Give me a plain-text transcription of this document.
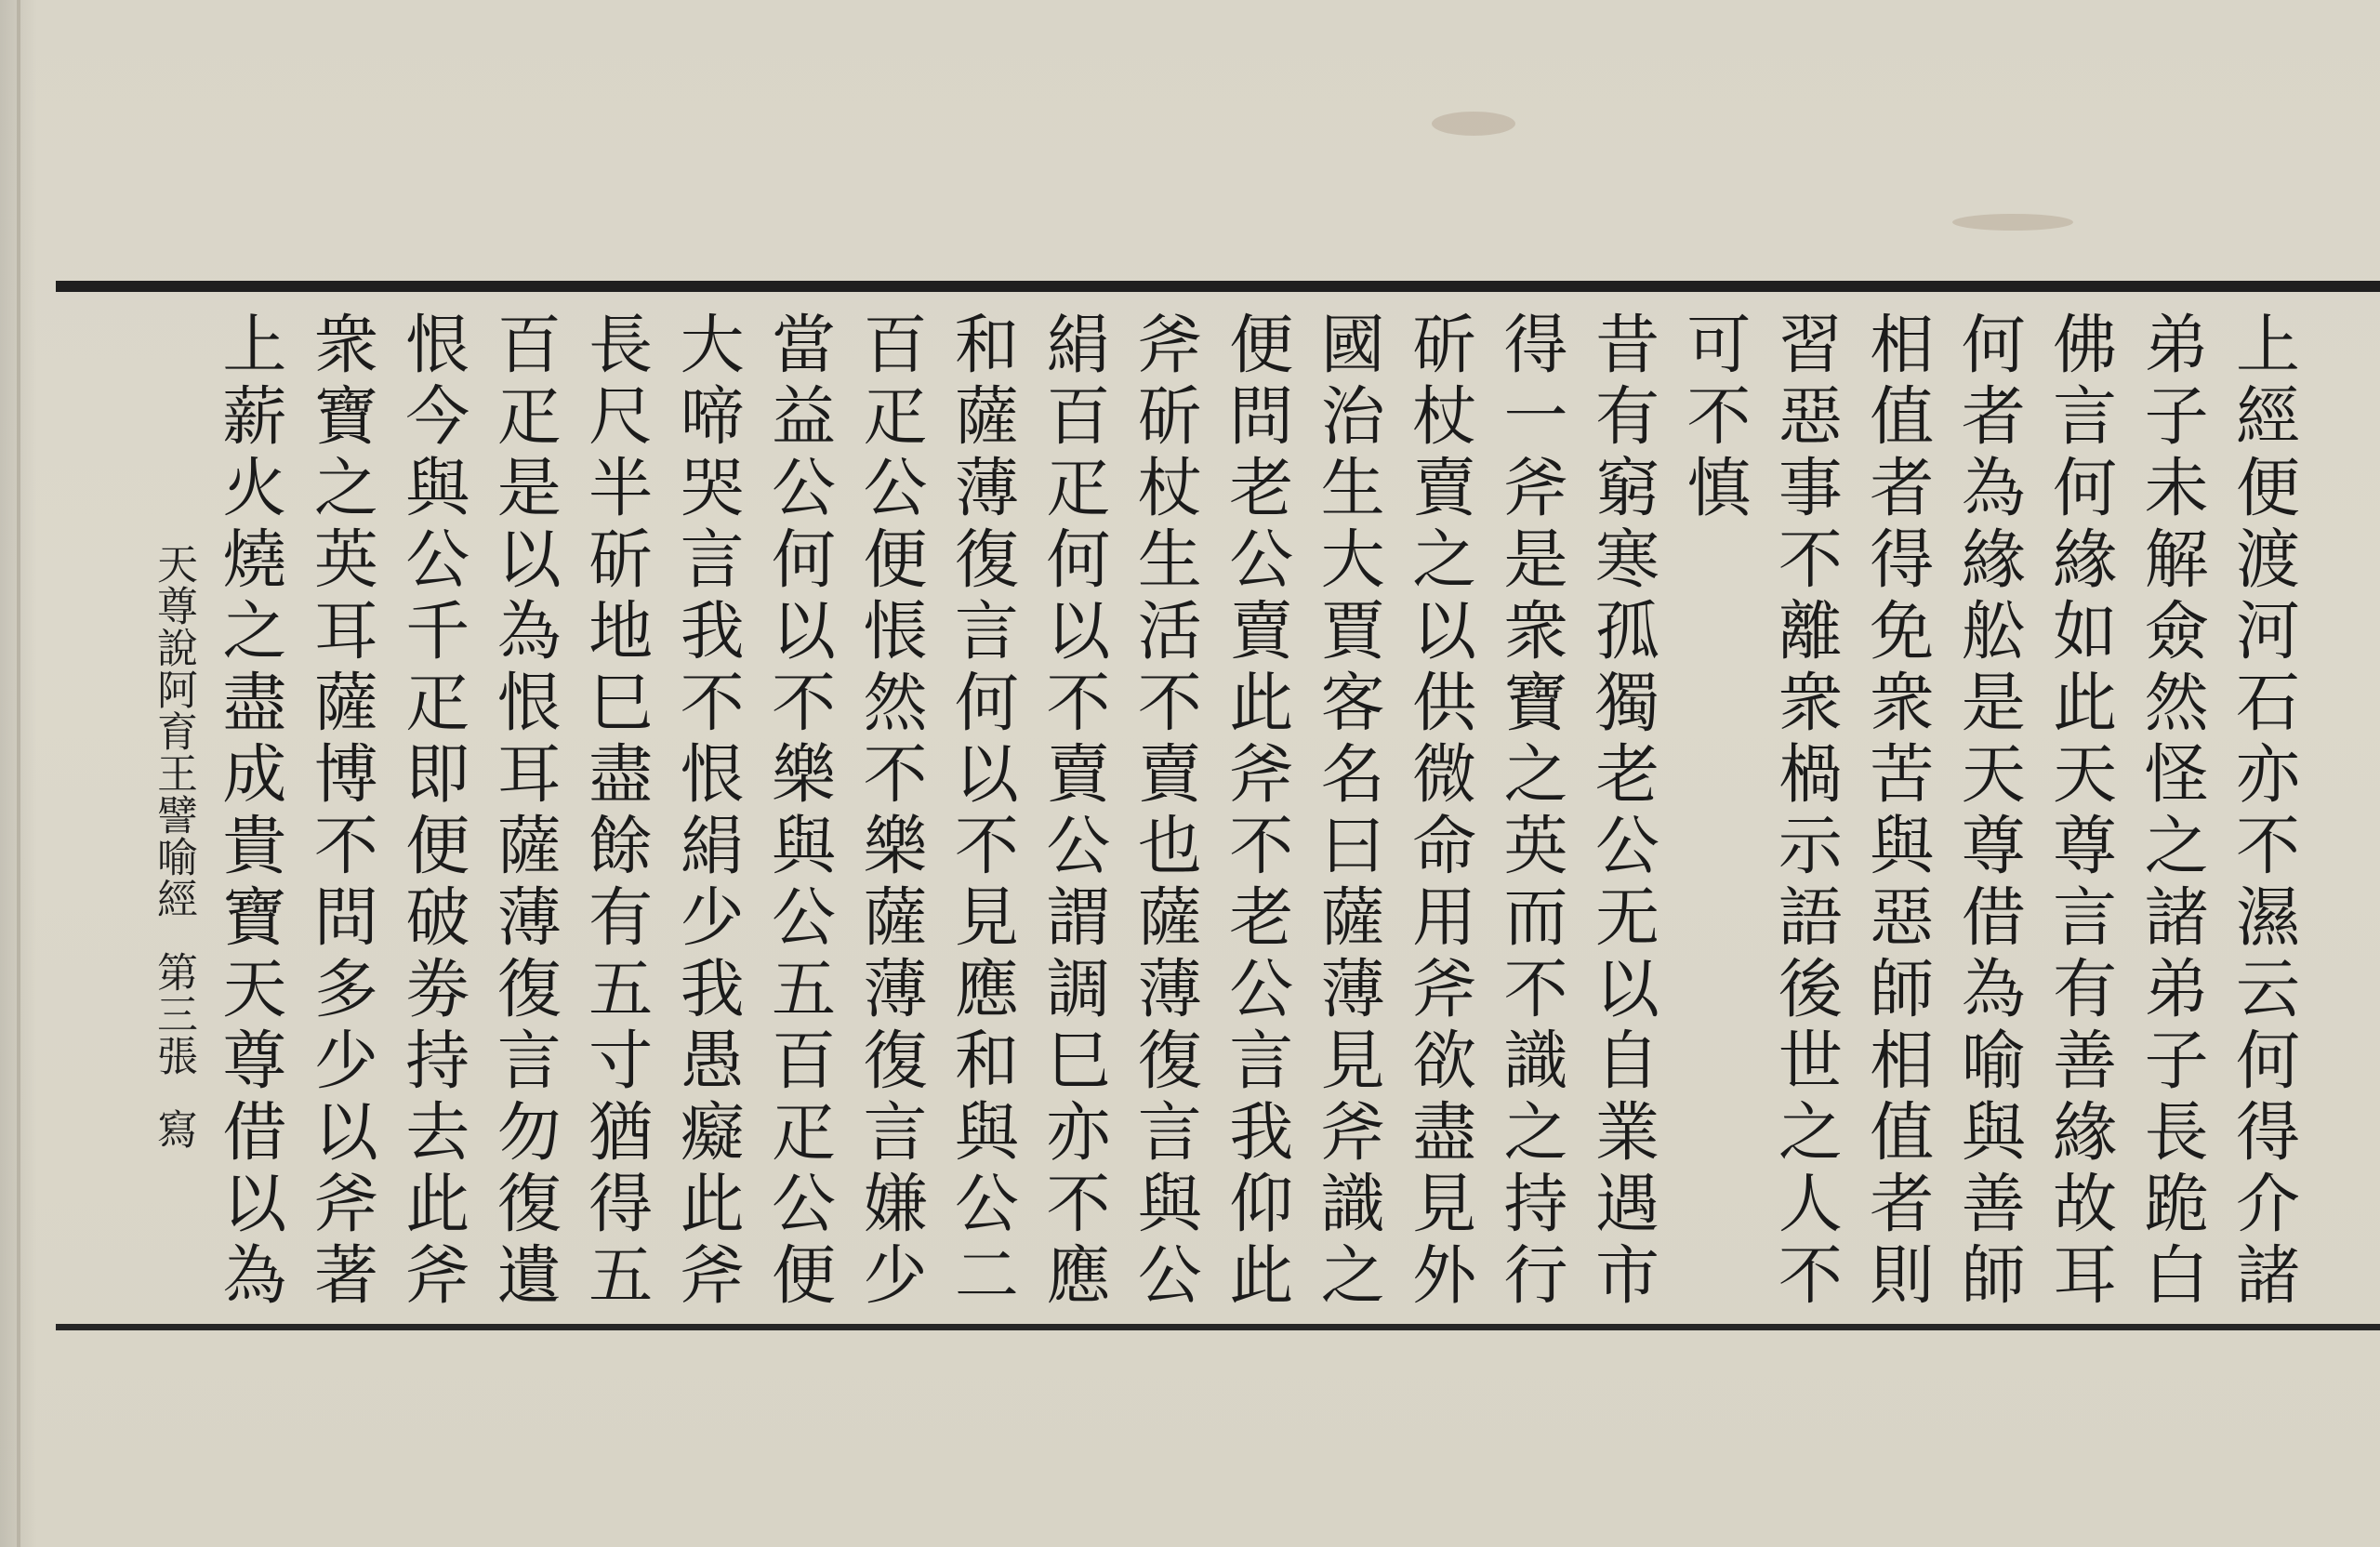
上經便渡河石亦不濕云何得介諸
弟子未解僉然怪之諸弟子長跪白
佛言何緣如此天尊言有善緣故耳
何者為緣舩是天尊借為喻與善師
相值者得免衆苦與惡師相值者則
習惡事不離衆楇示語後世之人不
可不慎
昔有窮寒孤獨老公无以自業遇市
得一斧是衆寶之英而不識之持行
斫杖賣之以供微命用斧欲盡見外
國治生大賈客名曰薩薄見斧識之
便問老公賣此斧不老公言我仰此
斧斫杖生活不賣也薩薄復言與公
絹百疋何以不賣公謂調巳亦不應
和薩薄復言何以不見應和與公二
百疋公便悵然不樂薩薄復言嫌少
當益公何以不樂與公五百疋公便
大啼哭言我不恨絹少我愚癡此斧
長尺半斫地巳盡餘有五寸猶得五
百疋是以為恨耳薩薄復言勿復遺
恨今與公千疋即便破劵持去此斧
衆寶之英耳薩博不問多少以斧著
上薪火燒之盡成貴寶天尊借以為
天尊說阿育王譬喻經第三張寫
